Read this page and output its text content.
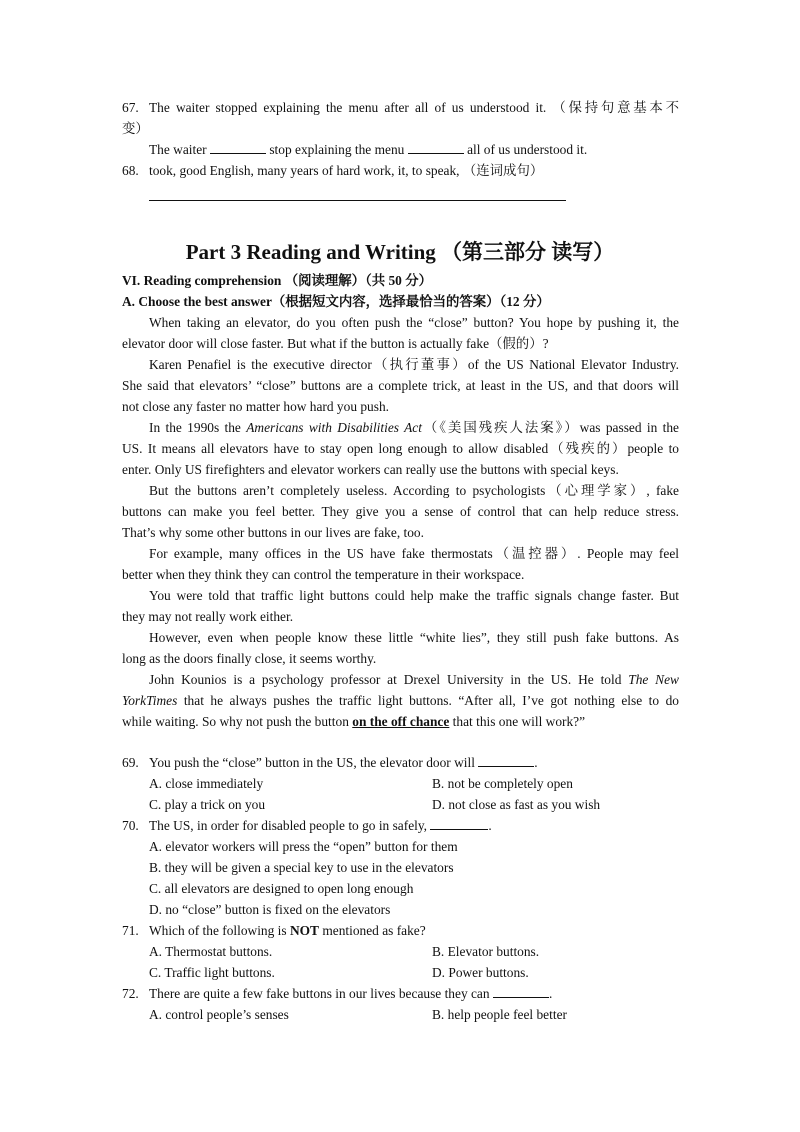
67. The waiter stopped explaining the menu after all of us understood it. （保持句意基本不
变）
The waiter	stop explaining the menu	all of us understood it.
68. took, good English, many years of hard work, it, to speak, （连词成句）
Part 3 Reading and Writing （第三部分 读写）
VI. Reading comprehension （阅读理解）（共 50 分）
A. Choose the best answer（根据短文内容，选择最恰当的答案）（12 分）
When taking an elevator, do you often push the “close” button? You hope by pushing it, the
elevator door will close faster. But what if the button is actually fake（假的）?
Karen Penafiel is the executive director（执行董事）of the US National Elevator Industry.
She said that elevators’ “close” buttons are a complete trick, at least in the US, and that doors will
not close any faster no matter how hard you push.
In the 1990s the Americans with Disabilities Act（《美国残疾人法案》）was passed in the
US. It means all elevators have to stay open long enough to allow disabled（残疾的）people to
enter. Only US firefighters and elevator workers can really use the buttons with special keys.
But the buttons aren’t completely useless. According to psychologists（心理学家）, fake
buttons can make you feel better. They give you a sense of control that can help reduce stress.
That’s why some other buttons in our lives are fake, too.
For example, many offices in the US have fake thermostats（温控器）. People may feel
better when they think they can control the temperature in their workspace.
You were told that traffic light buttons could help make the traffic signals change faster. But
they may not really work either.
However, even when people know these little “white lies”, they still push fake buttons. As
long as the doors finally close, it seems worthy.
John Kounios is a psychology professor at Drexel University in the US. He told The New
YorkTimes that he always pushes the traffic light buttons. “After all, I’ve got nothing else to do
while waiting. So why not push the button on the off chance that this one will work?”
69. You push the “close” button in the US, the elevator door will	.
A. close immediately	B. not be completely open
C. play a trick on you	D. not close as fast as you wish
70. The US, in order for disabled people to go in safely,	.
A. elevator workers will press the “open” button for them
B. they will be given a special key to use in the elevators
C. all elevators are designed to open long enough
D. no “close” button is fixed on the elevators
71. Which of the following is NOT mentioned as fake?
A. Thermostat buttons.	B. Elevator buttons.
C. Traffic light buttons.	D. Power buttons.
72. There are quite a few fake buttons in our lives because they can	.
A. control people’s senses	B. help people feel better
